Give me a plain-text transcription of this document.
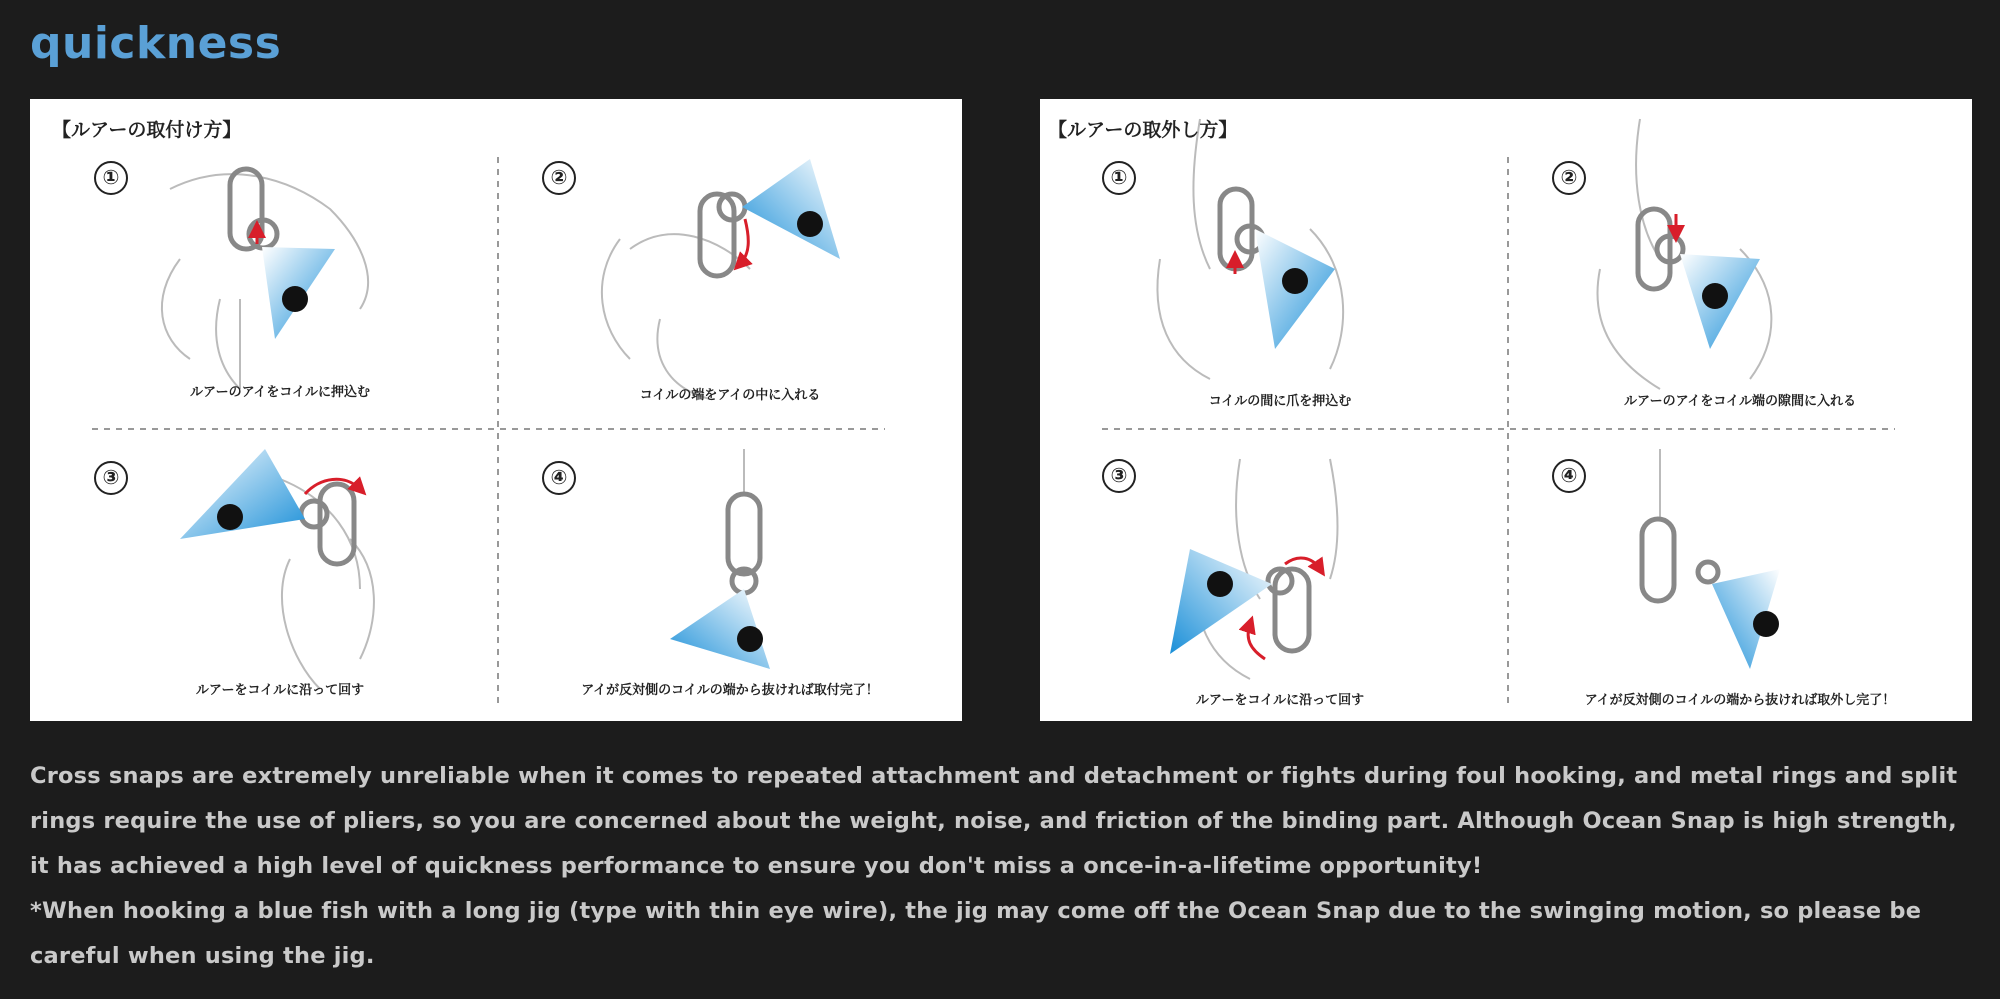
quickness
【ルアーの取付け方】
①
ルアーのアイをコイルに押込む
②
コイルの端をアイの中に入れる
③
ルアーをコイルに沿って回す
④
アイが反対側のコイルの端から抜ければ取付完了！
【ルアーの取外し方】
①
コイルの間に爪を押込む
②
ルアーのアイをコイル端の隙間に入れる
③
ルアーをコイルに沿って回す
④
アイが反対側のコイルの端から抜ければ取外し完了！

Cross snaps are extremely unreliable when it comes to repeated attachment and detachment or fights during foul hooking, and metal rings and split rings require the use of pliers, so you are concerned about the weight, noise, and friction of the binding part. Although Ocean Snap is high strength, it has achieved a high level of quickness performance to ensure you don't miss a once-in-a-lifetime opportunity!

*When hooking a blue fish with a long jig (type with thin eye wire), the jig may come off the Ocean Snap due to the swinging motion, so please be careful when using the jig.
